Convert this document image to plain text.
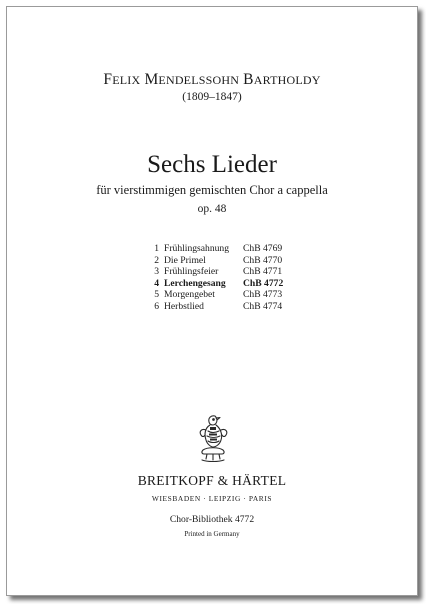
FELIX MENDELSSOHN BARTHOLDY
(1809–1847)
Sechs Lieder
für vierstimmigen gemischten Chor a cappella
op. 48
1 Frühlingsahnung ChB 4769
2 Die Primel	ChB 4770
3 Frühlingsfeier	ChB 4771
4 Lerchengesang ChB 4772
5 Morgengebet	ChB 4773
6 Herbstlied	ChB 4774
BREITKOPF & HÄRTEL
WIESBADEN · LEIPZIG · PARIS
Chor-Bibliothek 4772
Printed in Germany
